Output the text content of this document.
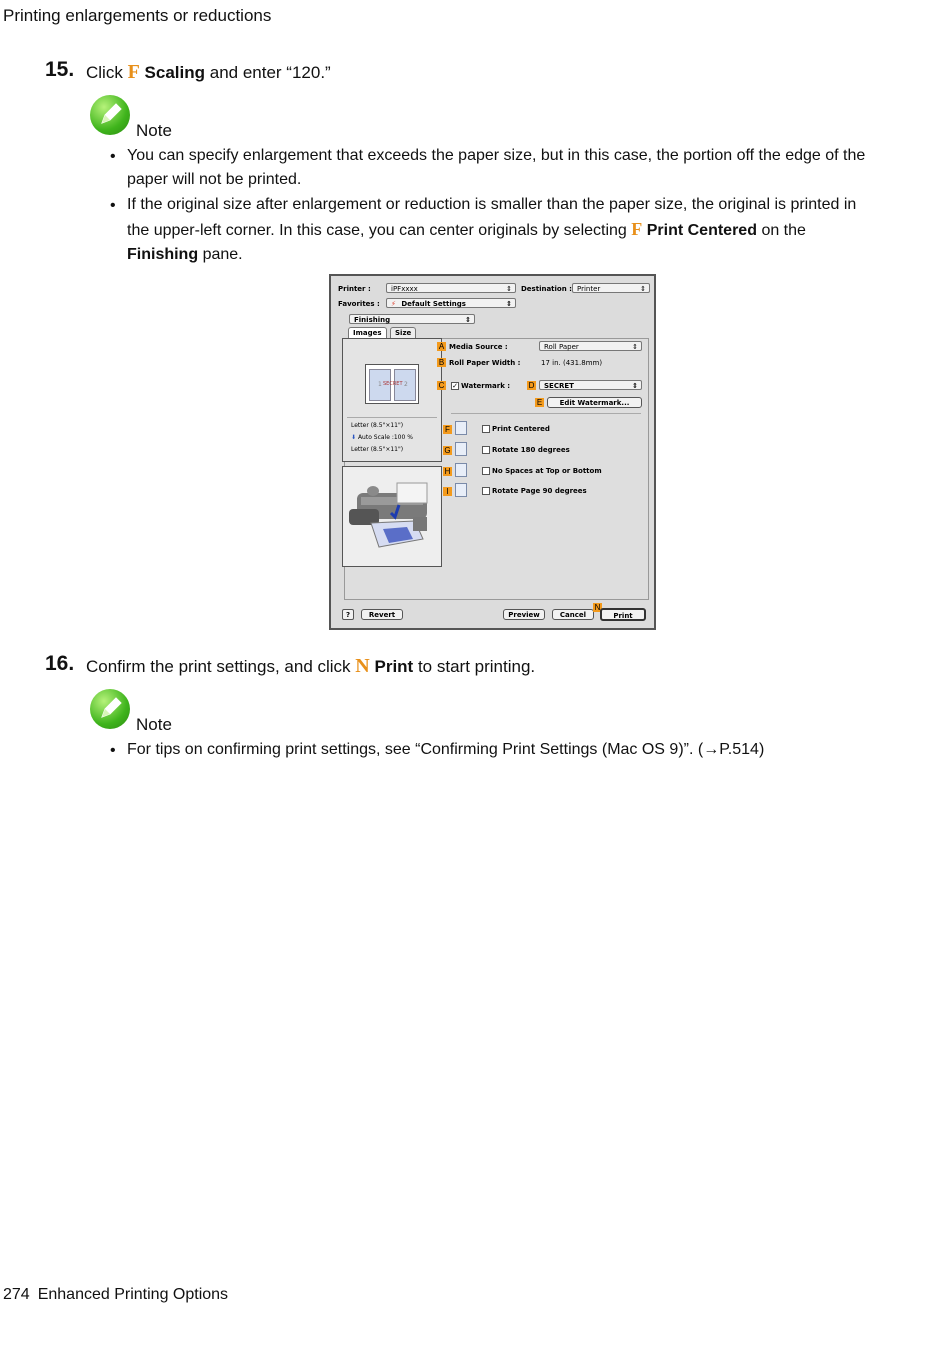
Printing enlargements or reductions
15. Click F Scaling and enter “120.”
Note
• You can specify enlargement that exceeds the paper size, but in this case, the portion off the edge of the paper will not be printed.
• If the original size after enlargement or reduction is smaller than the paper size, the original is printed in the upper-left corner. In this case, you can center originals by selecting F Print Centered on the Finishing pane.
Printer :	iPFxxxx	⇕ Destination : Printer	⇕
Favorites :	⚡ Default Settings	⇕
Finishing	⇕
Images	Size
1 SECRET 2
Letter (8.5"×11")
⬇ Auto Scale :100 %
Letter (8.5"×11")
A Media Source :	Roll Paper	⇕
B Roll Paper Width :	17 in. (431.8mm)
C ✓ Watermark : D	SECRET	⇕
E	Edit Watermark...
F	Print Centered
G	Rotate 180 degrees
H	No Spaces at Top or Bottom
I	Rotate Page 90 degrees
?	Revert	Preview	Cancel
N
Print
16. Confirm the print settings, and click N Print to start printing.
Note
• For tips on confirming print settings, see “Confirming Print Settings (Mac OS 9)”. (→P.514)
274 Enhanced Printing Options
